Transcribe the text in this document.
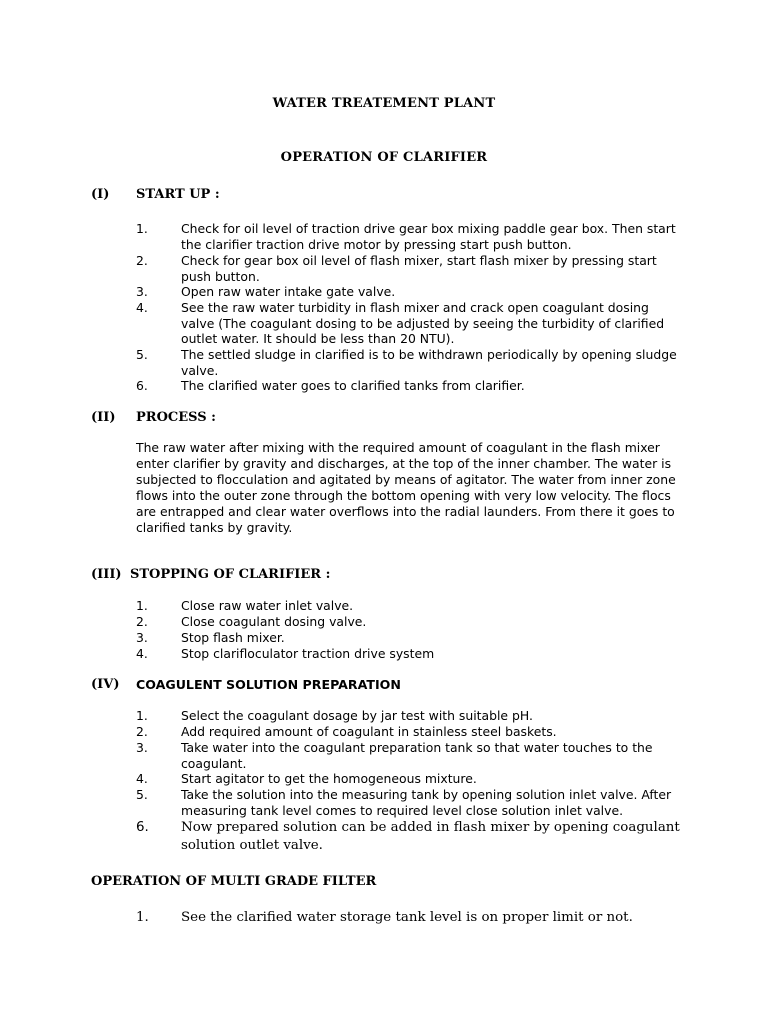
WATER TREATEMENT PLANT
OPERATION OF CLARIFIER
(I) START UP :
1.	Check for oil level of traction drive gear box mixing paddle gear box. Then start the clarifier traction drive motor by pressing start push button.
2.	Check for gear box oil level of flash mixer, start flash mixer by pressing start push button.
3.	Open raw water intake gate valve.
4.	See the raw water turbidity in flash mixer and crack open coagulant dosing valve (The coagulant dosing to be adjusted by seeing the turbidity of clarified outlet water. It should be less than 20 NTU).
5.	The settled sludge in clarified is to be withdrawn periodically by opening sludge valve.
6.	The clarified water goes to clarified tanks from clarifier.
(II) PROCESS :
The raw water after mixing with the required amount of coagulant in the flash mixer enter clarifier by gravity and discharges, at the top of the inner chamber. The water is subjected to flocculation and agitated by means of agitator. The water from inner zone flows into the outer zone through the bottom opening with very low velocity. The flocs are entrapped and clear water overflows into the radial launders. From there it goes to clarified tanks by gravity.
(III) STOPPING OF CLARIFIER :
1.	Close raw water inlet valve.
2.	Close coagulant dosing valve.
3.	Stop flash mixer.
4.	Stop clarifloculator traction drive system
(IV) COAGULENT SOLUTION PREPARATION
1.	Select the coagulant dosage by jar test with suitable pH.
2.	Add required amount of coagulant in stainless steel baskets.
3.	Take water into the coagulant preparation tank so that water touches to the coagulant.
4.	Start agitator to get the homogeneous mixture.
5.	Take the solution into the measuring tank by opening solution inlet valve. After measuring tank level comes to required level close solution inlet valve.
6. Now prepared solution can be added in flash mixer by opening coagulant solution outlet valve.
OPERATION OF MULTI GRADE FILTER
1. See the clarified water storage tank level is on proper limit or not.
